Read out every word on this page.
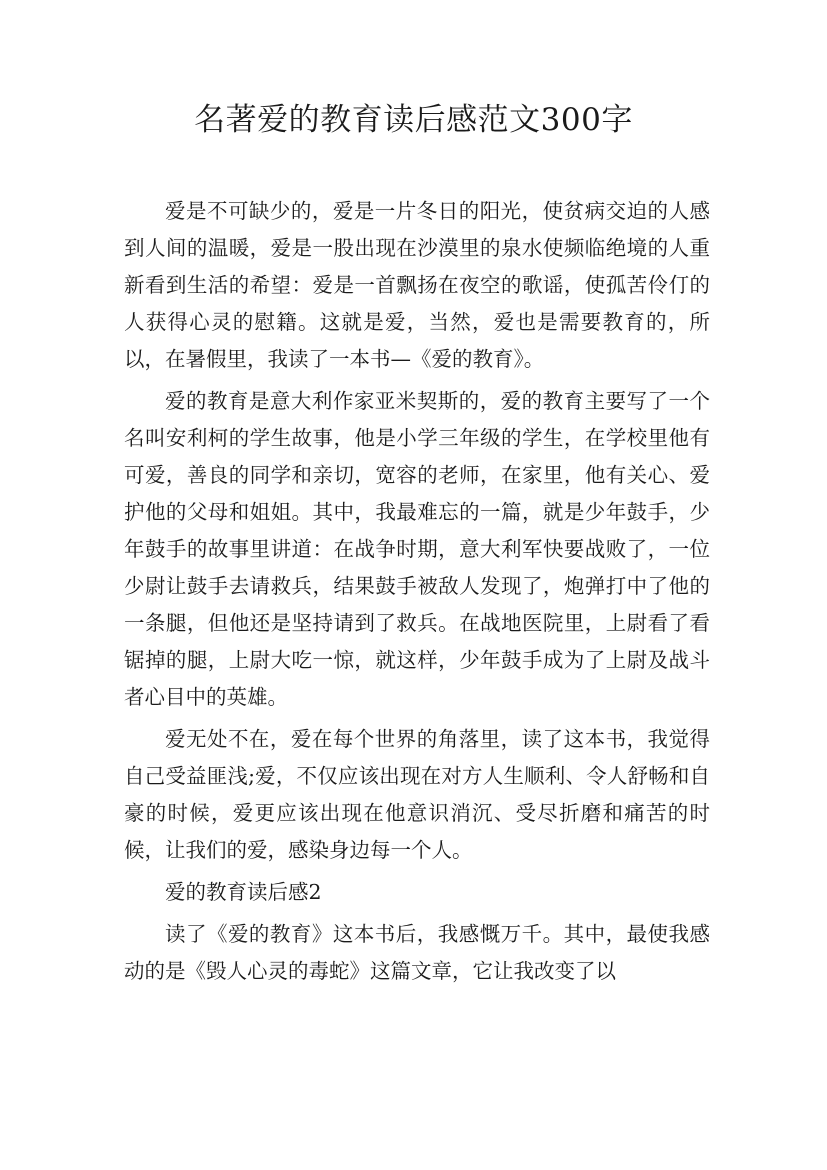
名著爱的教育读后感范文300字

爱是不可缺少的，爱是一片冬日的阳光，使贫病交迫的人感到人间的温暖，爱是一股出现在沙漠里的泉水使频临绝境的人重新看到生活的希望：爱是一首飘扬在夜空的歌谣，使孤苦伶仃的人获得心灵的慰籍。这就是爱，当然，爱也是需要教育的，所以，在暑假里，我读了一本书—《爱的教育》。

爱的教育是意大利作家亚米契斯的，爱的教育主要写了一个名叫安利柯的学生故事，他是小学三年级的学生，在学校里他有可爱，善良的同学和亲切，宽容的老师，在家里，他有关心、爱护他的父母和姐姐。其中，我最难忘的一篇，就是少年鼓手，少年鼓手的故事里讲道：在战争时期，意大利军快要战败了，一位少尉让鼓手去请救兵，结果鼓手被敌人发现了，炮弹打中了他的一条腿，但他还是坚持请到了救兵。在战地医院里，上尉看了看锯掉的腿，上尉大吃一惊，就这样，少年鼓手成为了上尉及战斗者心目中的英雄。

爱无处不在，爱在每个世界的角落里，读了这本书，我觉得自己受益匪浅;爱，不仅应该出现在对方人生顺利、令人舒畅和自豪的时候，爱更应该出现在他意识消沉、受尽折磨和痛苦的时候，让我们的爱，感染身边每一个人。

爱的教育读后感2

读了《爱的教育》这本书后，我感慨万千。其中，最使我感动的是《毁人心灵的毒蛇》这篇文章，它让我改变了以
